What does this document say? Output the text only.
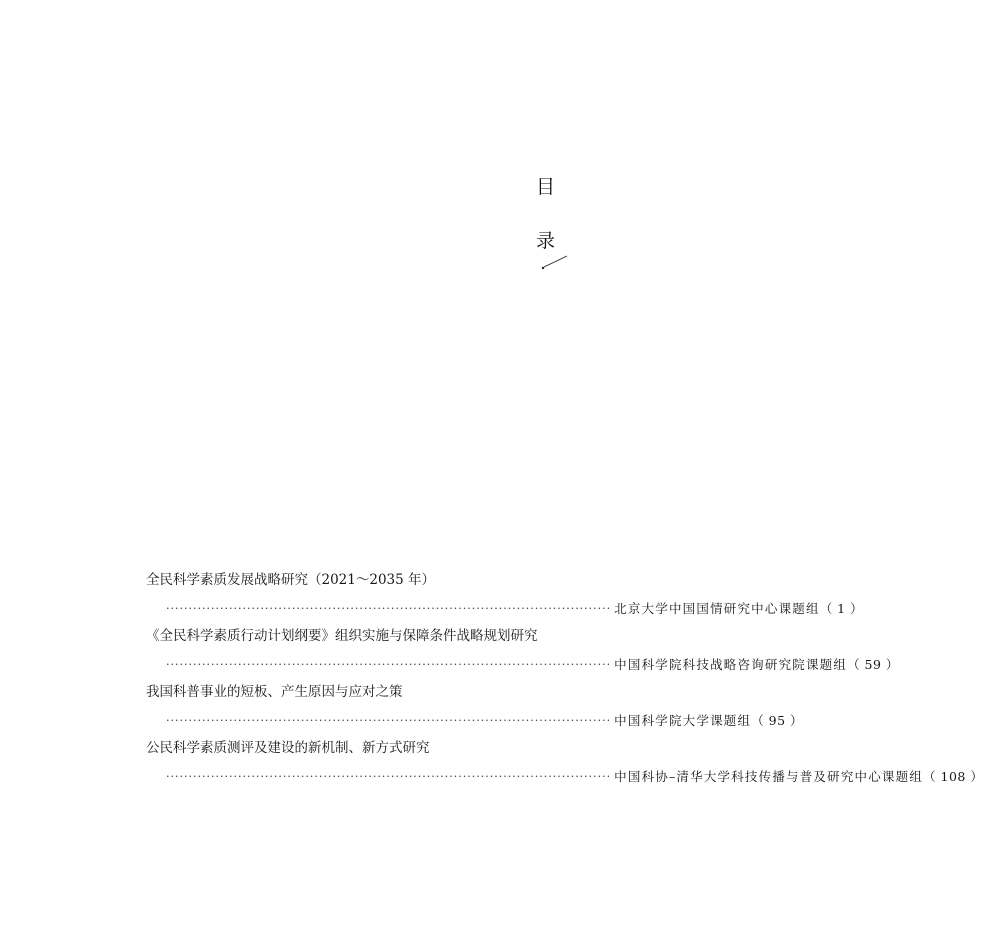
目
录
全民科学素质发展战略研究（2021～2035 年）
··································································································· 北京大学中国国情研究中心课题组 （ 1 ）
《全民科学素质行动计划纲要》组织实施与保障条件战略规划研究
··································································································· 中国科学院科技战略咨询研究院课题组 （ 59 ）
我国科普事业的短板、产生原因与应对之策
··································································································· 中国科学院大学课题组 （ 95 ）
公民科学素质测评及建设的新机制、新方式研究
··································································································· 中国科协–清华大学科技传播与普及研究中心课题组 （ 108 ）
